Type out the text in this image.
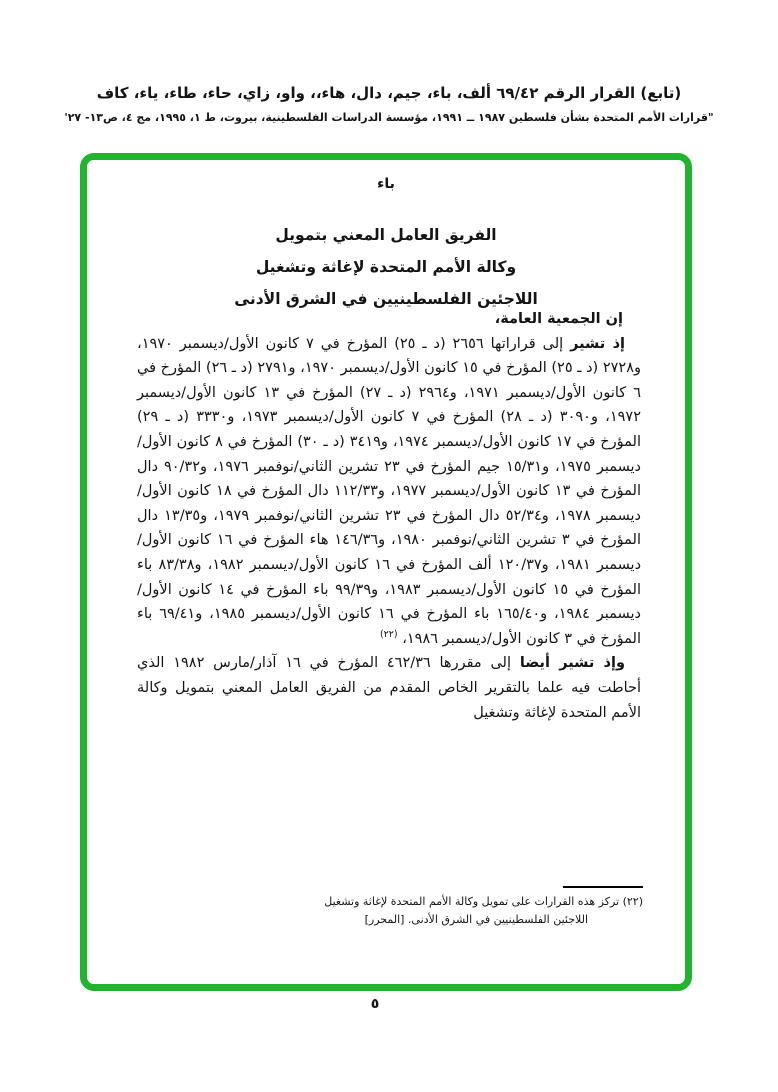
(تابع) القرار الرقم ٦٩/٤٢ ألف، باء، جيم، دال، هاء،، واو، زاي، حاء، طاء، ياء، كاف
"قرارات الأمم المتحدة بشأن فلسطين ١٩٨٧ ــ ١٩٩١، مؤسسة الدراسات الفلسطينية، بيروت، ط ١، ١٩٩٥، مج ٤، ص١٣- ٢٧'
باء
الفريق العامل المعني بتمويل
وكالة الأمم المتحدة لإغاثة وتشغيل
اللاجئين الفلسطينيين في الشرق الأدنى

إن الجمعية العامة،

إذ تشير إلى قراراتها ٢٦٥٦ (د ـ ٢٥) المؤرخ في ٧ كانون الأول/ديسمبر ١٩٧٠، و٢٧٢٨ (د ـ ٢٥) المؤرخ في ١٥ كانون الأول/ديسمبر ١٩٧٠، و٢٧٩١ (د ـ ٢٦) المؤرخ في ٦ كانون الأول/ديسمبر ١٩٧١، و٢٩٦٤ (د ـ ٢٧) المؤرخ في ١٣ كانون الأول/ديسمبر ١٩٧٢، و٣٠٩٠ (د ـ ٢٨) المؤرخ في ٧ كانون الأول/ديسمبر ١٩٧٣، و٣٣٣٠ (د ـ ٢٩) المؤرخ في ١٧ كانون الأول/ديسمبر ١٩٧٤، و٣٤١٩ (د ـ ٣٠) المؤرخ في ٨ كانون الأول/ديسمبر ١٩٧٥، و١٥/٣١ جيم المؤرخ في ٢٣ تشرين الثاني/نوفمبر ١٩٧٦، و٩٠/٣٢ دال المؤرخ في ١٣ كانون الأول/ديسمبر ١٩٧٧، و١١٢/٣٣ دال المؤرخ في ١٨ كانون الأول/ديسمبر ١٩٧٨، و٥٢/٣٤ دال المؤرخ في ٢٣ تشرين الثاني/نوفمبر ١٩٧٩، و١٣/٣٥ دال المؤرخ في ٣ تشرين الثاني/نوفمبر ١٩٨٠، و١٤٦/٣٦ هاء المؤرخ في ١٦ كانون الأول/ديسمبر ١٩٨١، و١٢٠/٣٧ ألف المؤرخ في ١٦ كانون الأول/ديسمبر ١٩٨٢، و٨٣/٣٨ باء المؤرخ في ١٥ كانون الأول/ديسمبر ١٩٨٣، و٩٩/٣٩ باء المؤرخ في ١٤ كانون الأول/ديسمبر ١٩٨٤، و١٦٥/٤٠ باء المؤرخ في ١٦ كانون الأول/ديسمبر ١٩٨٥، و٦٩/٤١ باء المؤرخ في ٣ كانون الأول/ديسمبر ١٩٨٦، $^{(٢٢)}$

وإذ تشير أيضا إلى مقررها ٤٦٢/٣٦ المؤرخ في ١٦ آذار/مارس ١٩٨٢ الذي أحاطت فيه علما بالتقرير الخاص المقدم من الفريق العامل المعني بتمويل وكالة الأمم المتحدة لإغاثة وتشغيل

(٢٢) تركز هذه القرارات على تمويل وكالة الأمم المتحدة لإغاثة وتشغيل اللاجئين الفلسطينيين في الشرق الأدنى. [المحرر]
٥
